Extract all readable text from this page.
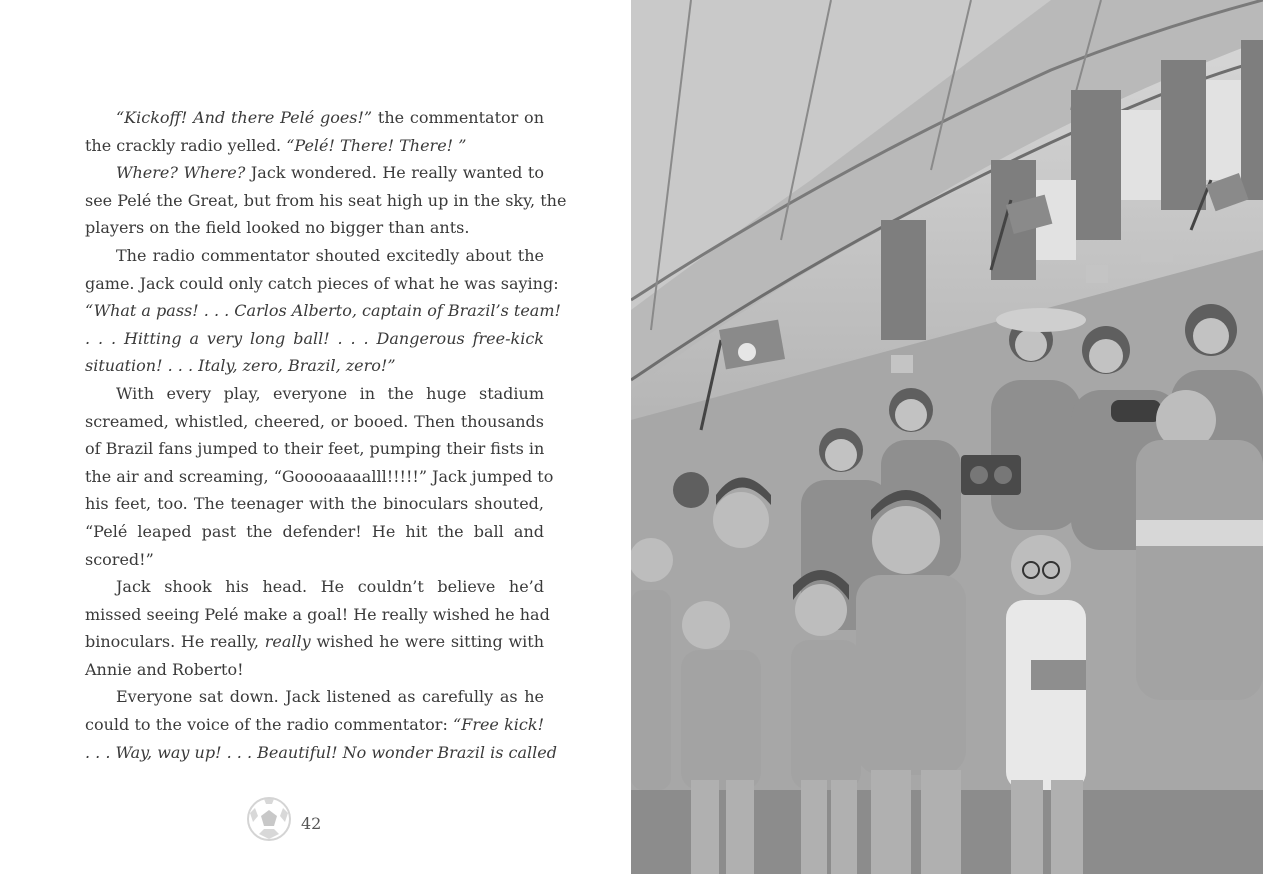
“Kickoff! And there Pelé goes!” the commentator on
the crackly radio yelled. “Pelé! There! There! ”
Where? Where? Jack wondered. He really wanted to
see Pelé the Great, but from his seat high up in the sky, the
players on the field looked no bigger than ants.
The radio commentator shouted excitedly about the
game. Jack could only catch pieces of what he was saying:
“What a pass! . . . Carlos Alberto, captain of Brazil’s team!
. . . Hitting a very long ball! . . . Dangerous free-kick
situation! . . . Italy, zero, Brazil, zero!”
With every play, everyone in the huge stadium
screamed, whistled, cheered, or booed. Then thousands
of Brazil fans jumped to their feet, pumping their fists in
the air and screaming, “Gooooaaaalll!!!!!” Jack jumped to
his feet, too. The teenager with the binoculars shouted,
“Pelé leaped past the defender! He hit the ball and
scored!”
Jack shook his head. He couldn’t believe he’d
missed seeing Pelé make a goal! He really wished he had
binoculars. He really, really wished he were sitting with
Annie and Roberto!
Everyone sat down. Jack listened as carefully as he
could to the voice of the radio commentator: “Free kick!
. . . Way, way up! . . . Beautiful! No wonder Brazil is called
42
